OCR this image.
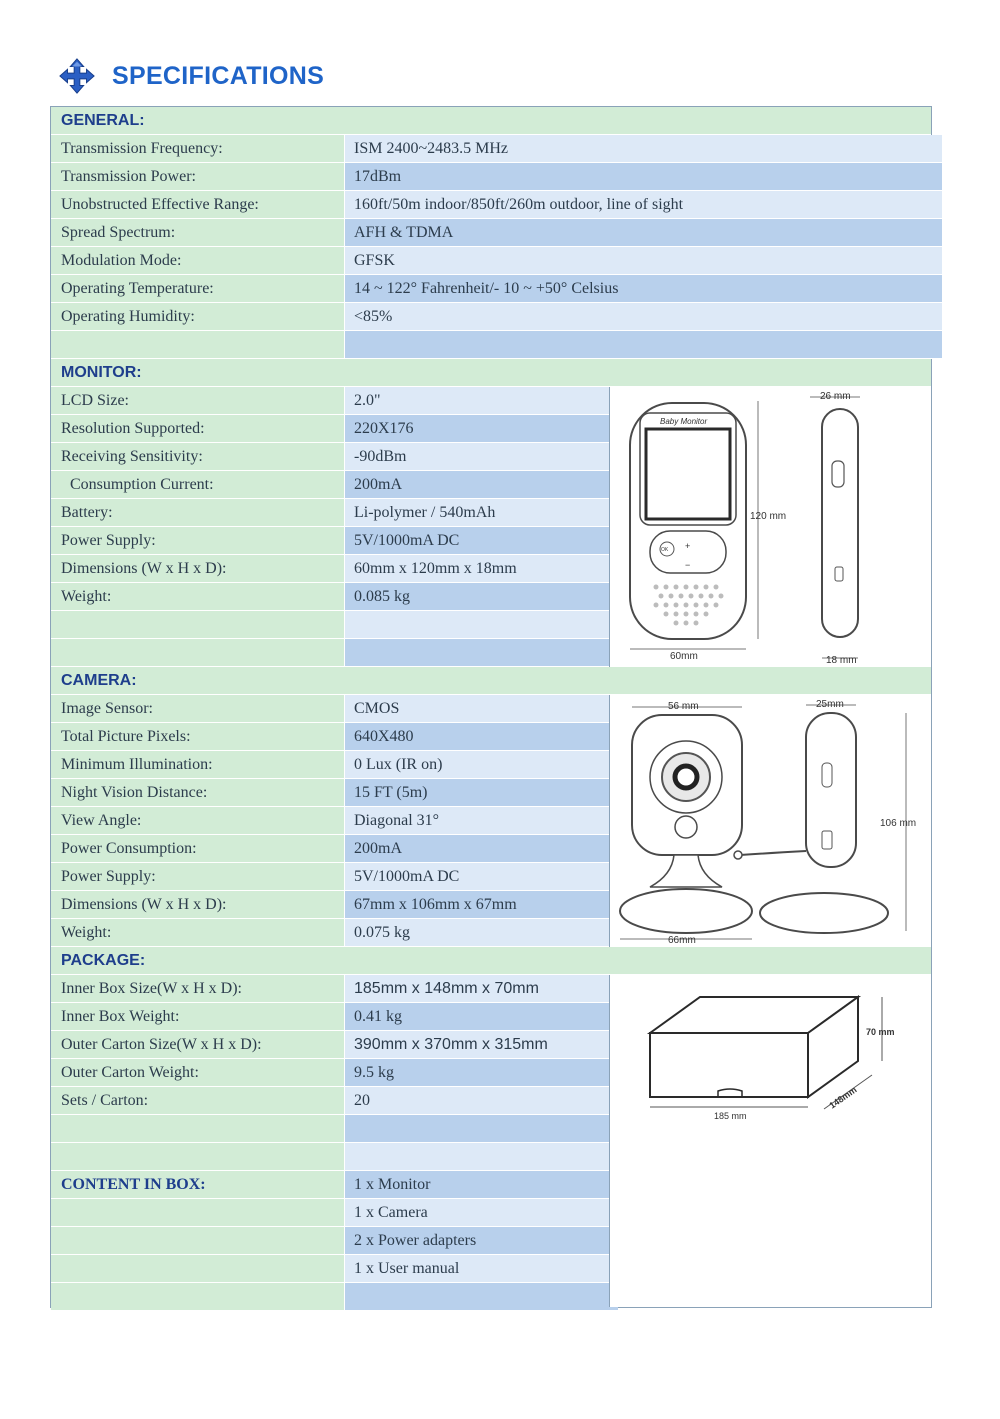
SPECIFICATIONS
GENERAL:
Transmission Frequency:	ISM 2400~2483.5 MHz
Transmission Power:	17dBm
Unobstructed Effective Range:	160ft/50m indoor/850ft/260m outdoor, line of sight
Spread Spectrum:	AFH & TDMA
Modulation Mode:	GFSK
Operating Temperature:	14 ~ 122° Fahrenheit/- 10 ~ +50° Celsius
Operating Humidity:	<85%
MONITOR:
LCD Size:	2.0"
Resolution Supported:	220X176
Receiving Sensitivity:	-90dBm
Consumption Current:	200mA
Battery:	Li-polymer / 540mAh
Power Supply:	5V/1000mA DC
Dimensions (W x H x D):	60mm x 120mm x 18mm
Weight:	0.085 kg
Baby Monitor
OK +
−
60mm
120 mm
26 mm
18 mm
CAMERA:
Image Sensor:	CMOS
Total Picture Pixels:	640X480
Minimum Illumination:	0 Lux (IR on)
Night Vision Distance:	15 FT (5m)
View Angle:	Diagonal 31°
Power Consumption:	200mA
Power Supply:	5V/1000mA DC
Dimensions (W x H x D):	67mm x 106mm x 67mm
Weight:	0.075 kg
56 mm	25mm
106 mm
66mm
PACKAGE:
Inner Box Size(W x H x D):	185mm x 148mm x 70mm
Inner Box Weight:	0.41 kg
Outer Carton Size(W x H x D):	390mm x 370mm x 315mm
Outer Carton Weight:	9.5 kg
Sets / Carton:	20
CONTENT IN BOX:	1 x Monitor
1 x Camera
2 x Power adapters
1 x User manual
185 mm
70 mm
148mm
